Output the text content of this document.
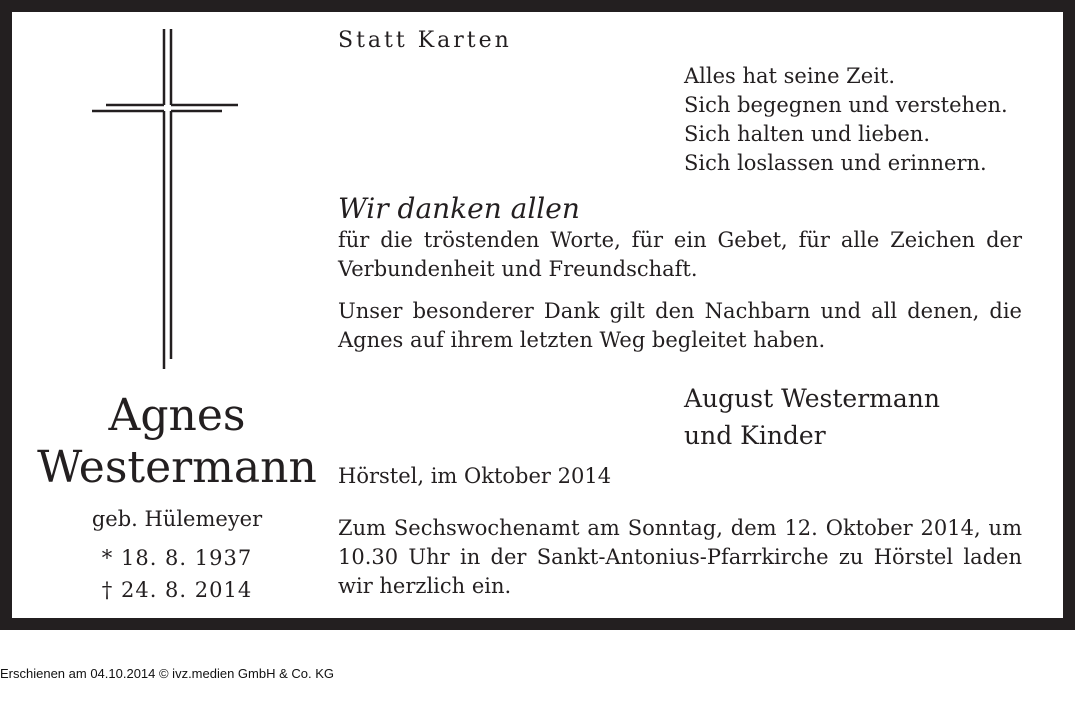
Agnes
Westermann
geb. Hülemeyer
* 18. 8. 1937
† 24. 8. 2014
Statt Karten
Alles hat seine Zeit.
Sich begegnen und verstehen.
Sich halten und lieben.
Sich loslassen und erinnern.
Wir danken allen
für die tröstenden Worte, für ein Gebet, für alle Zeichen der Verbundenheit und Freundschaft.
Unser besonderer Dank gilt den Nachbarn und all denen, die Agnes auf ihrem letzten Weg begleitet haben.
August Westermann
und Kinder
Hörstel, im Oktober 2014
Zum Sechswochenamt am Sonntag, dem 12. Oktober 2014, um 10.30 Uhr in der Sankt-Antonius-Pfarrkirche zu Hörstel laden wir herzlich ein.
Erschienen am 04.10.2014 © ivz.medien GmbH & Co. KG
